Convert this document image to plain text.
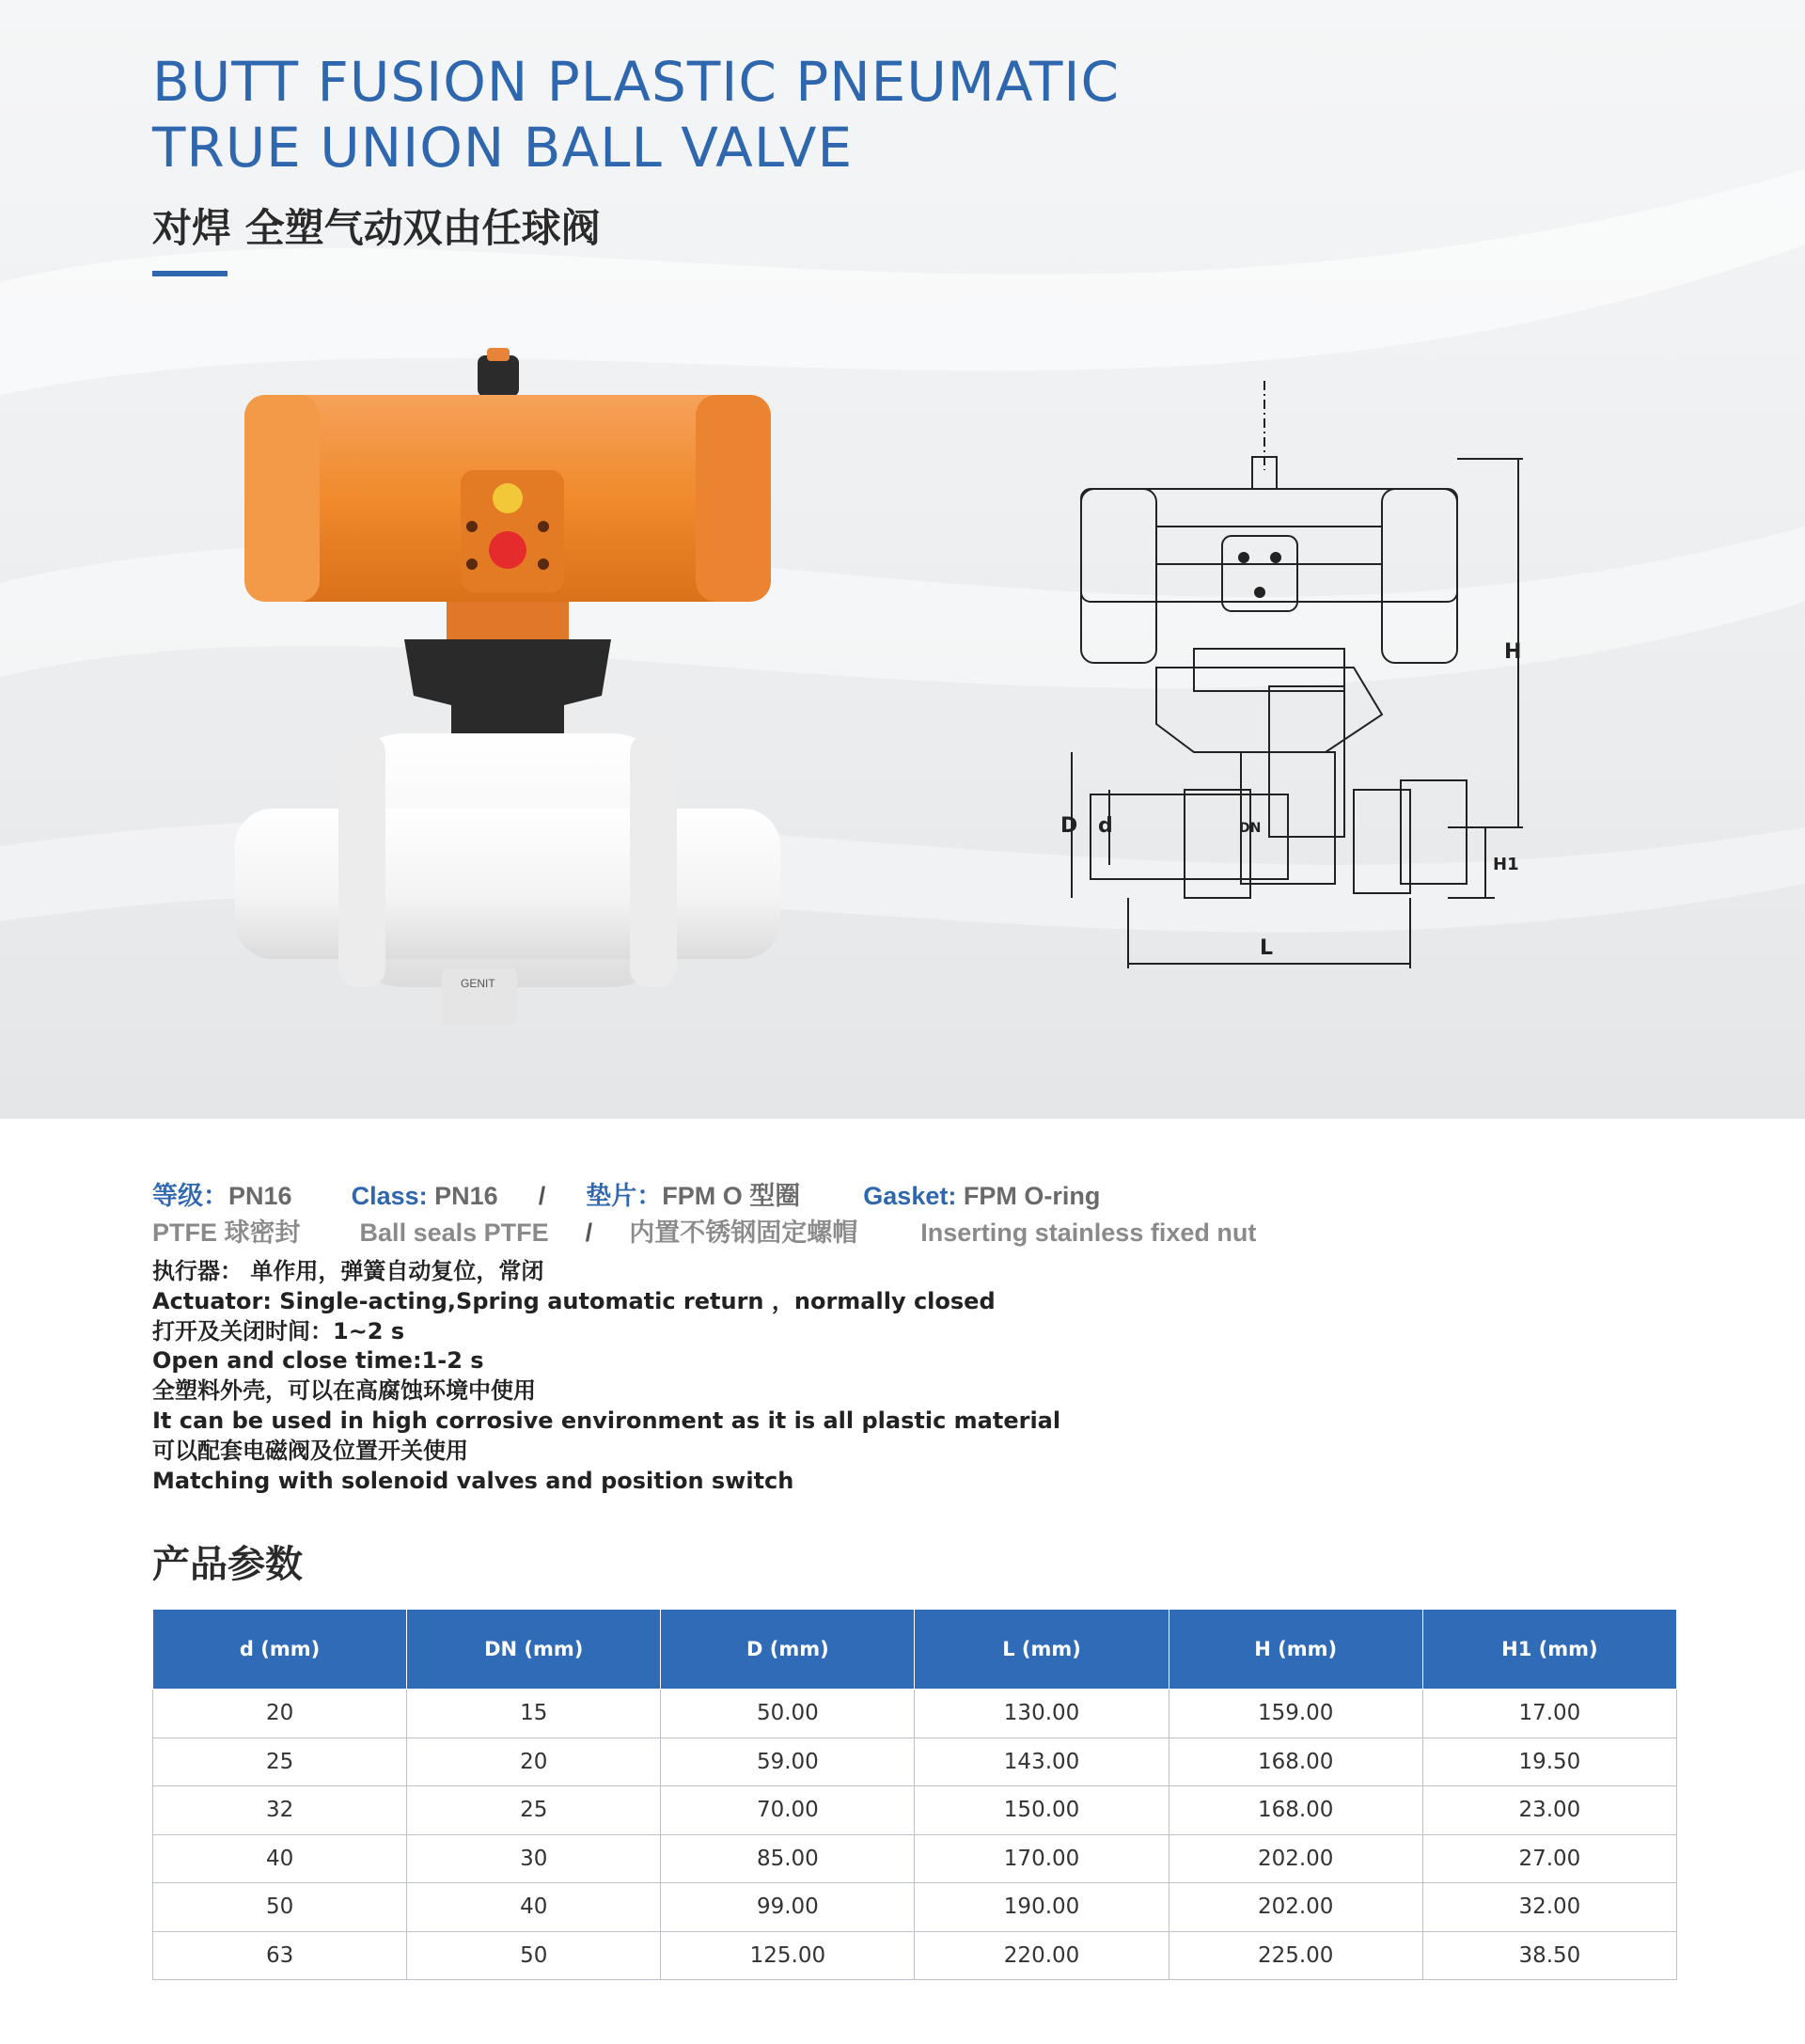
BUTT FUSION PLASTIC PNEUMATIC
TRUE UNION BALL VALVE
对焊 全塑气动双由任球阀
GENIT
D d	DN
H
H1
L
等级：PN16 Class: PN16 / 垫片：FPM O 型圈 Gasket: FPM O-ring
PTFE 球密封 Ball seals PTFE / 内置不锈钢固定螺帽 Inserting stainless fixed nut
执行器： 单作用，弹簧自动复位，常闭
Actuator: Single-acting,Spring automatic return ，normally closed
打开及关闭时间：1~2 s
Open and close time:1-2 s
全塑料外壳，可以在高腐蚀环境中使用
It can be used in high corrosive environment as it is all plastic material
可以配套电磁阀及位置开关使用
Matching with solenoid valves and position switch
产品参数
d (mm)	DN (mm)	D (mm)	L (mm)	H (mm)	H1 (mm)
20	15	50.00	130.00	159.00	17.00
25	20	59.00	143.00	168.00	19.50
32	25	70.00	150.00	168.00	23.00
40	30	85.00	170.00	202.00	27.00
50	40	99.00	190.00	202.00	32.00
63	50	125.00	220.00	225.00	38.50
